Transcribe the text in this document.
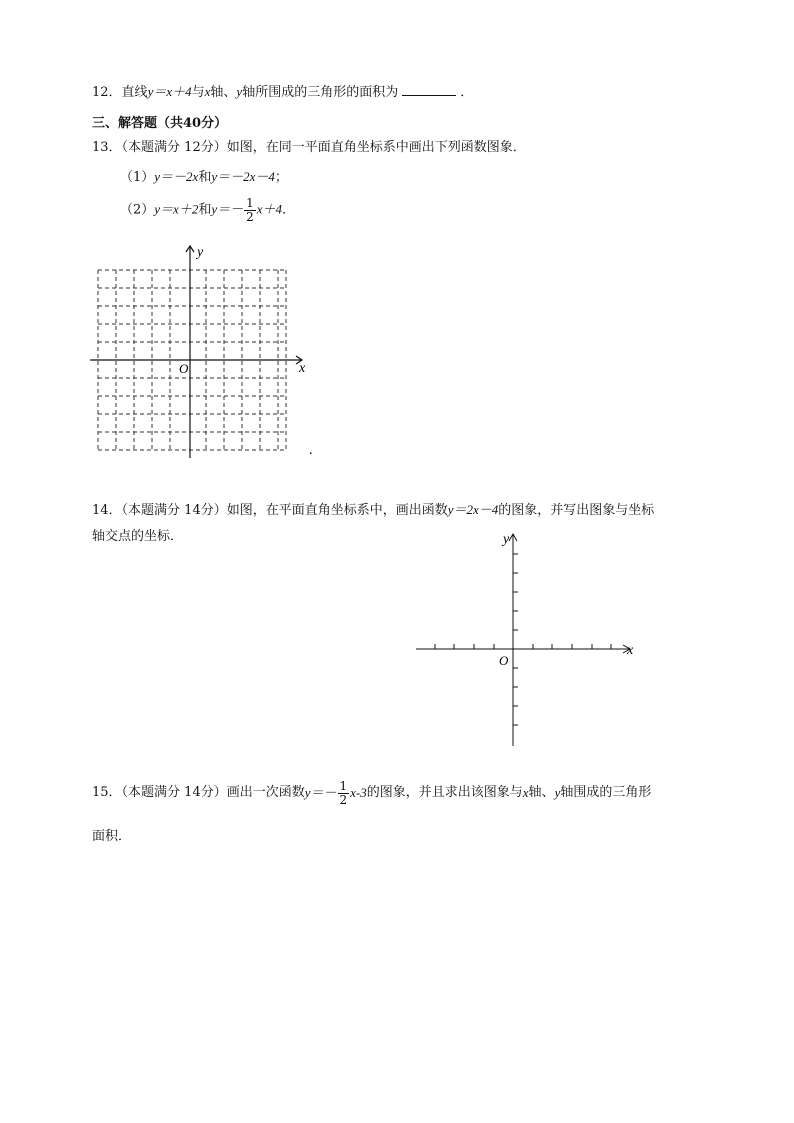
12．直线y＝x＋4与x轴、y轴所围成的三角形的面积为	．
三、解答题（共40分）
13．（本题满分 12分）如图，在同一平面直角坐标系中画出下列函数图象．
（1）y＝－2x和y＝－2x－4；
（2）y＝x＋2和$y=- \frac{1}{2} x+4$．
x
y
O
.
14．（本题满分 14分）如图，在平面直角坐标系中，画出函数y＝2x－4的图象，并写出图象与坐标
轴交点的坐标．
x
y
O
15．（本题满分 14分）画出一次函数$y=- \frac{1}{2} x-3$的图象，并且求出该图象与x轴、y轴围成的三角形
面积．
